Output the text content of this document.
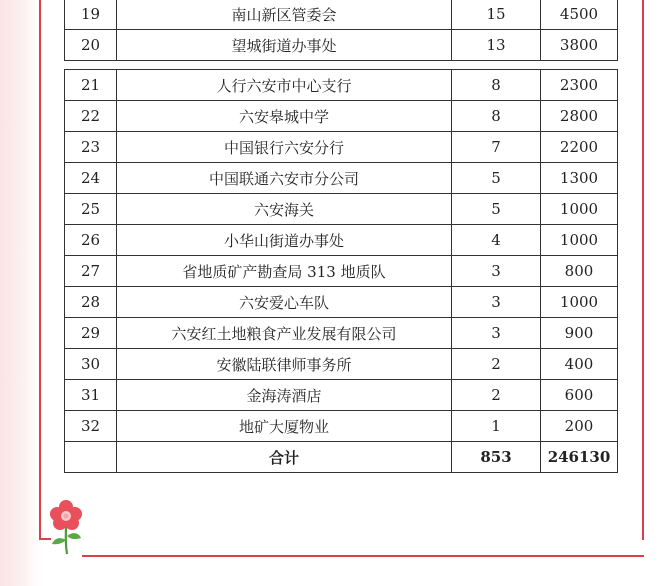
19	南山新区管委会	15	4500
20	望城街道办事处	13	3800
21	人行六安市中心支行	8	2300
22	六安皋城中学	8	2800
23	中国银行六安分行	7	2200
24	中国联通六安市分公司	5	1300
25	六安海关	5	1000
26	小华山街道办事处	4	1000
27	省地质矿产勘查局 313 地质队	3	800
28	六安爱心车队	3	1000
29	六安红土地粮食产业发展有限公司	3	900
30	安徽陆联律师事务所	2	400
31	金海涛酒店	2	600
32	地矿大厦物业	1	200
	合计	853	246130
